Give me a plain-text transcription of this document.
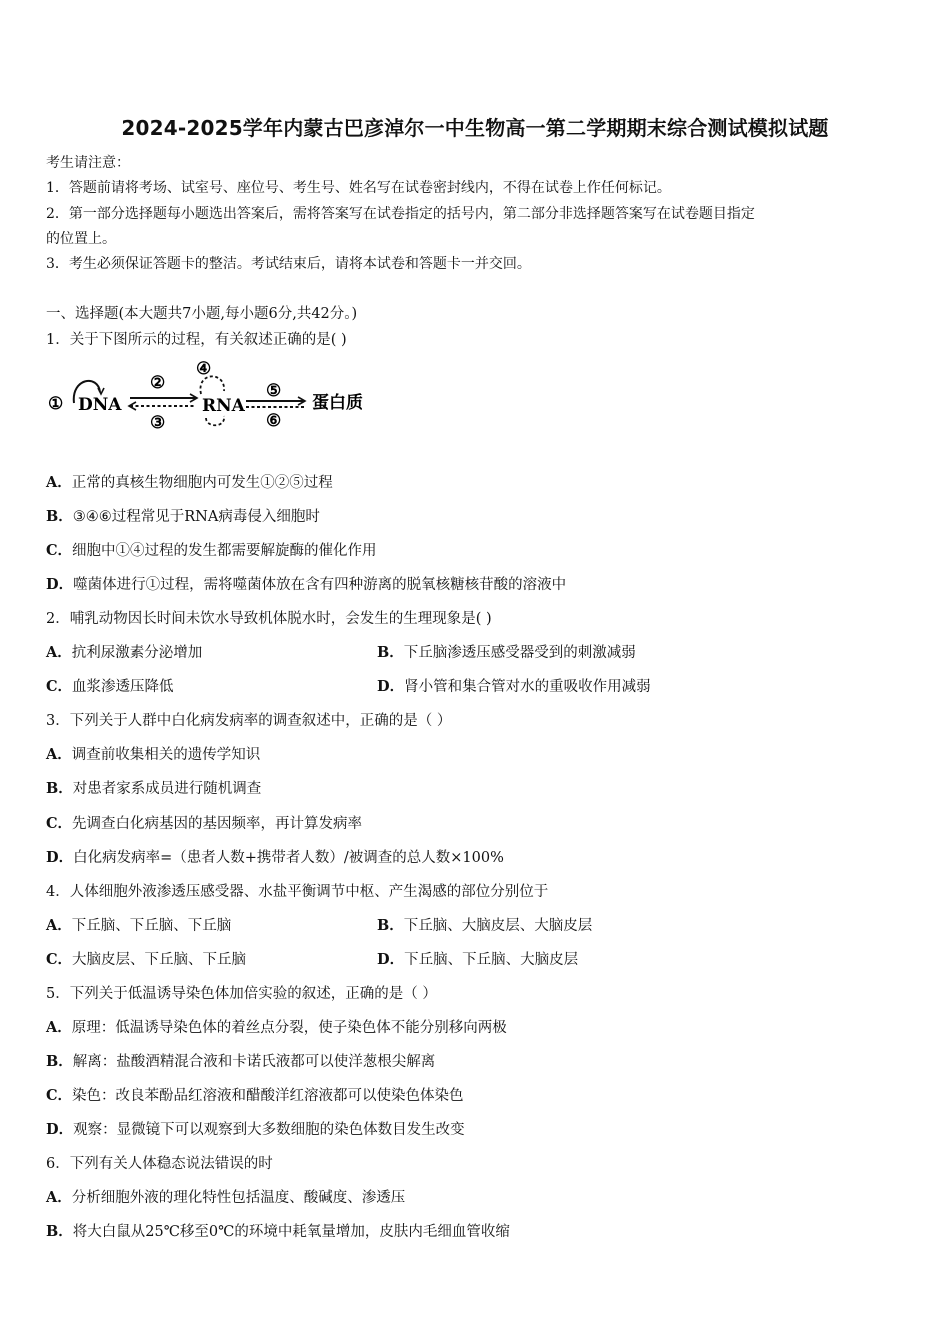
2024-2025学年内蒙古巴彦淖尔一中生物高一第二学期期末综合测试模拟试题
考生请注意：
1．答题前请将考场、试室号、座位号、考生号、姓名写在试卷密封线内，不得在试卷上作任何标记。
2．第一部分选择题每小题选出答案后，需将答案写在试卷指定的括号内，第二部分非选择题答案写在试卷题目指定
的位置上。
3．考生必须保证答题卡的整洁。考试结束后，请将本试卷和答题卡一并交回。
一、选择题(本大题共7小题,每小题6分,共42分。)
1．关于下图所示的过程，有关叙述正确的是( )
① DNA
②
③
④
RNA
⑤
⑥
蛋白质
A．正常的真核生物细胞内可发生①②⑤过程
B．③④⑥过程常见于RNA病毒侵入细胞时
C．细胞中①④过程的发生都需要解旋酶的催化作用
D．噬菌体进行①过程，需将噬菌体放在含有四种游离的脱氧核糖核苷酸的溶液中
2．哺乳动物因长时间未饮水导致机体脱水时，会发生的生理现象是( )
A．抗利尿激素分泌增加	B．下丘脑渗透压感受器受到的刺激减弱
C．血浆渗透压降低	D．肾小管和集合管对水的重吸收作用减弱
3．下列关于人群中白化病发病率的调查叙述中，正确的是（ ）
A．调查前收集相关的遗传学知识
B．对患者家系成员进行随机调查
C．先调查白化病基因的基因频率，再计算发病率
D．白化病发病率=（患者人数+携带者人数）/被调查的总人数×100%
4．人体细胞外液渗透压感受器、水盐平衡调节中枢、产生渴感的部位分别位于
A．下丘脑、下丘脑、下丘脑	B．下丘脑、大脑皮层、大脑皮层
C．大脑皮层、下丘脑、下丘脑	D．下丘脑、下丘脑、大脑皮层
5．下列关于低温诱导染色体加倍实验的叙述，正确的是（ ）
A．原理：低温诱导染色体的着丝点分裂，使子染色体不能分别移向两极
B．解离：盐酸酒精混合液和卡诺氏液都可以使洋葱根尖解离
C．染色：改良苯酚品红溶液和醋酸洋红溶液都可以使染色体染色
D．观察：显微镜下可以观察到大多数细胞的染色体数目发生改变
6．下列有关人体稳态说法错误的时
A．分析细胞外液的理化特性包括温度、酸碱度、渗透压
B．将大白鼠从25℃移至0℃的环境中耗氧量增加，皮肤内毛细血管收缩
